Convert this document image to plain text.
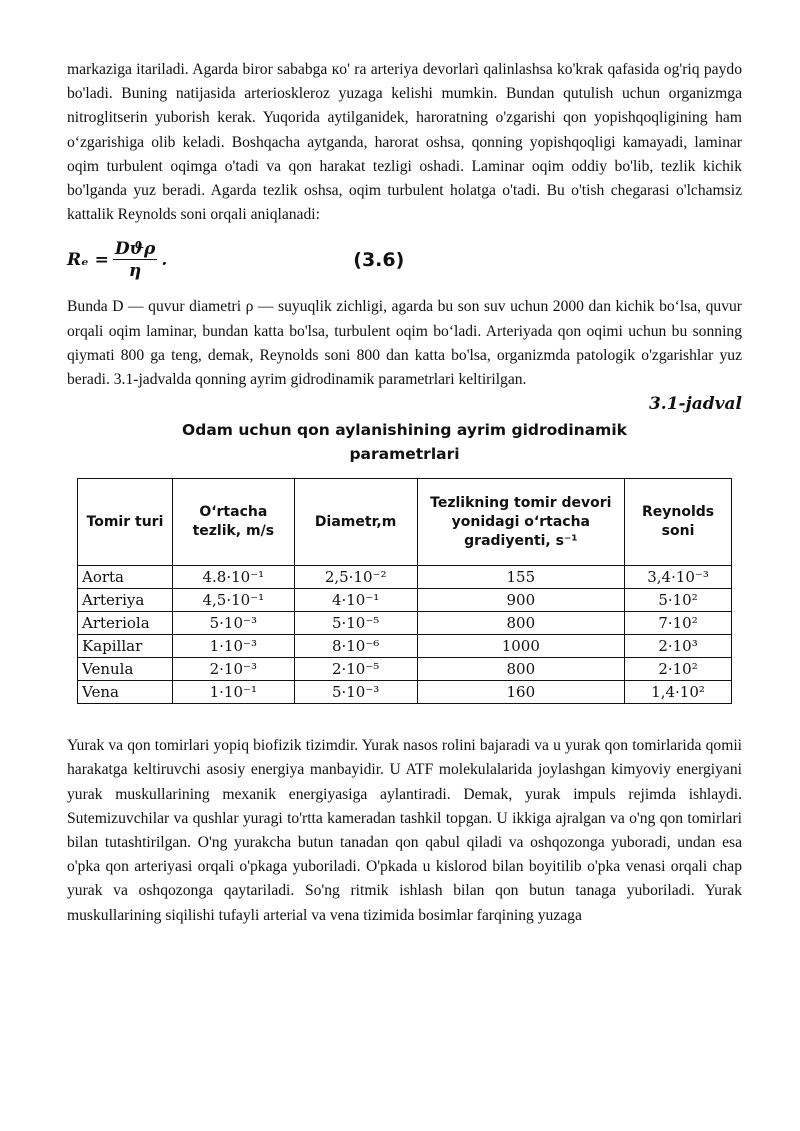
markaziga itariladi. Agarda biror sababga кo' ra arteriya devorlarì qalinlashsa ko'krak qafasida og'riq paydo bo'ladi. Buning natijasida arterioskleroz yuzaga kelishi mumkin. Bundan qutulish uchun organizmga nitroglitserin yuborish kerak. Yuqorida aytilganidek, haroratning o'zgarishi qon yopishqoqligining ham o‘zgarishiga olib keladi. Boshqacha aytganda, harorat oshsa, qonning yopishqoqligi kamayadi, laminar oqim turbulent oqimga o'tadi va qon harakat tezligi oshadi. Laminar oqim oddiy bo'lib, tezlik kichik bo'lganda yuz beradi. Agarda tezlik oshsa, oqim turbulent holatga o'tadi. Bu o'tish chegarasi o'lchamsiz kattalik Reynolds soni orqali aniqlanadi:

$R_e = \frac{\text{Dϑρ}}{\eta}$ .	(3.6)

Bunda D — quvur diametri ρ — suyuqlik zichligi, agarda bu son suv uchun 2000 dan kichik bo‘lsa, quvur orqali oqim laminar, bundan katta bo'lsa, turbulent oqim bo‘ladi. Arteriyada qon oqimi uchun bu sonning qiymati 800 ga teng, demak, Reynolds soni 800 dan katta bo'lsa, organizmda patologik o'zgarishlar yuz beradi. 3.1-jadvalda qonning ayrim gidrodinamik parametrlari keltirilgan.

3.1-jadval
Odam uchun qon aylanishining ayrim gidrodinamik
parametrlari
Tomir turi	O‘rtacha tezlik, m/s	Diametr,m	Tezlikning tomir devori yonidagi o‘rtacha gradiyenti, s⁻¹	Reynolds soni
Aorta	4.8·10⁻¹	2,5·10⁻²	155	3,4·10⁻³
Arteriya	4,5·10⁻¹	4·10⁻¹	900	5·10²
Arteriola	5·10⁻³	5·10⁻⁵	800	7·10²
Kapillar	1·10⁻³	8·10⁻⁶	1000	2·10³
Venula	2·10⁻³	2·10⁻⁵	800	2·10²
Vena	1·10⁻¹	5·10⁻³	160	1,4·10²

Yurak va qon tomirlari yopiq biofizik tizimdir. Yurak nasos rolini bajaradi va u yurak qon tomirlarida qomii harakatga keltiruvchi asosiy energiya manbayidir. U ATF molekulalarida joylashgan kimyoviy energiyani yurak muskullarining mexanik energiyasiga aylantiradi. Demak, yurak impuls rejimda ishlaydi. Sutemizuvchilar va qushlar yuragi to'rtta kameradan tashkil topgan. U ikkiga ajralgan va o'ng qon tomirlari bilan tutashtirilgan. O'ng yurakcha butun tanadan qon qabul qiladi va oshqozonga yuboradi, undan esa o'pka qon arteriyasi orqali o'pkaga yuboriladi. O'pkada u kislorod bilan boyitilib o'pka venasi orqali chap yurak va oshqozonga qaytariladi. So'ng ritmik ishlash bilan qon butun tanaga yuboriladi. Yurak muskullarining siqilishi tufayli arterial va vena tizimida bosimlar farqining yuzaga
